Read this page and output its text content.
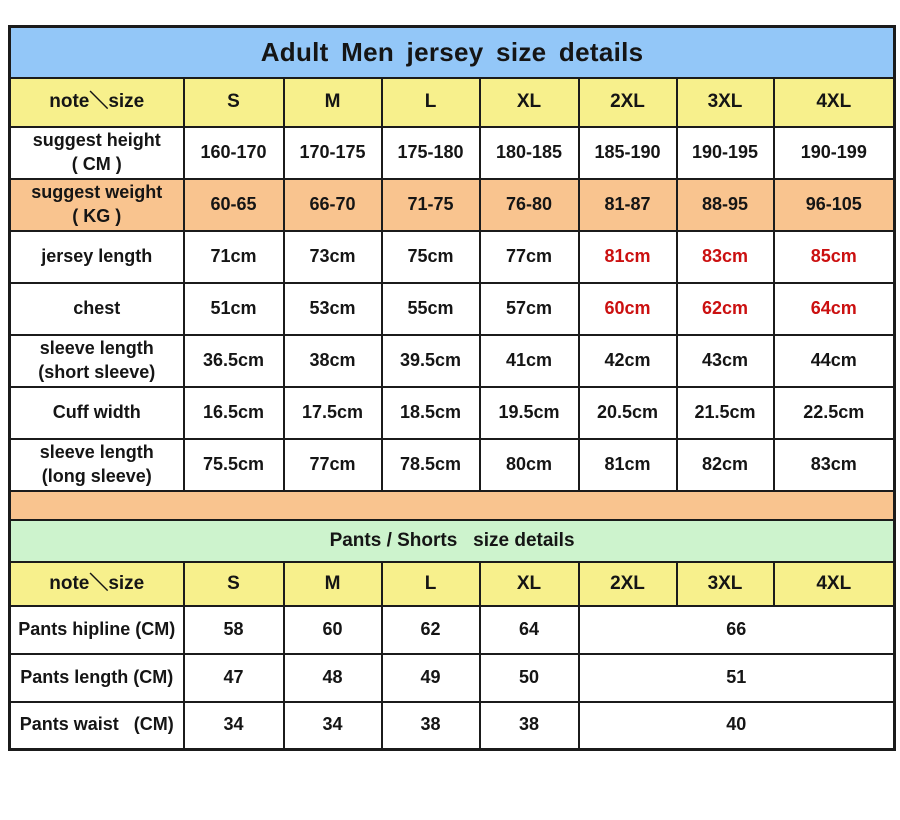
Adult Men jersey size details							
note＼size	S	M	L	XL	2XL	3XL	4XL
suggest height
( CM )	160-170	170-175	175-180	180-185	185-190	190-195	190-199
suggest weight
( KG )	60-65	66-70	71-75	76-80	81-87	88-95	96-105
jersey length	71cm	73cm	75cm	77cm	81cm	83cm	85cm
chest	51cm	53cm	55cm	57cm	60cm	62cm	64cm
sleeve length
(short sleeve)	36.5cm	38cm	39.5cm	41cm	42cm	43cm	44cm
Cuff width	16.5cm	17.5cm	18.5cm	19.5cm	20.5cm	21.5cm	22.5cm
sleeve length
(long sleeve)	75.5cm	77cm	78.5cm	80cm	81cm	82cm	83cm

Pants / Shorts   size details							
note＼size	S	M	L	XL	2XL	3XL	4XL
Pants hipline (CM)	58	60	62	64	66		
Pants length (CM)	47	48	49	50	51		
Pants waist   (CM)	34	34	38	38	40		
